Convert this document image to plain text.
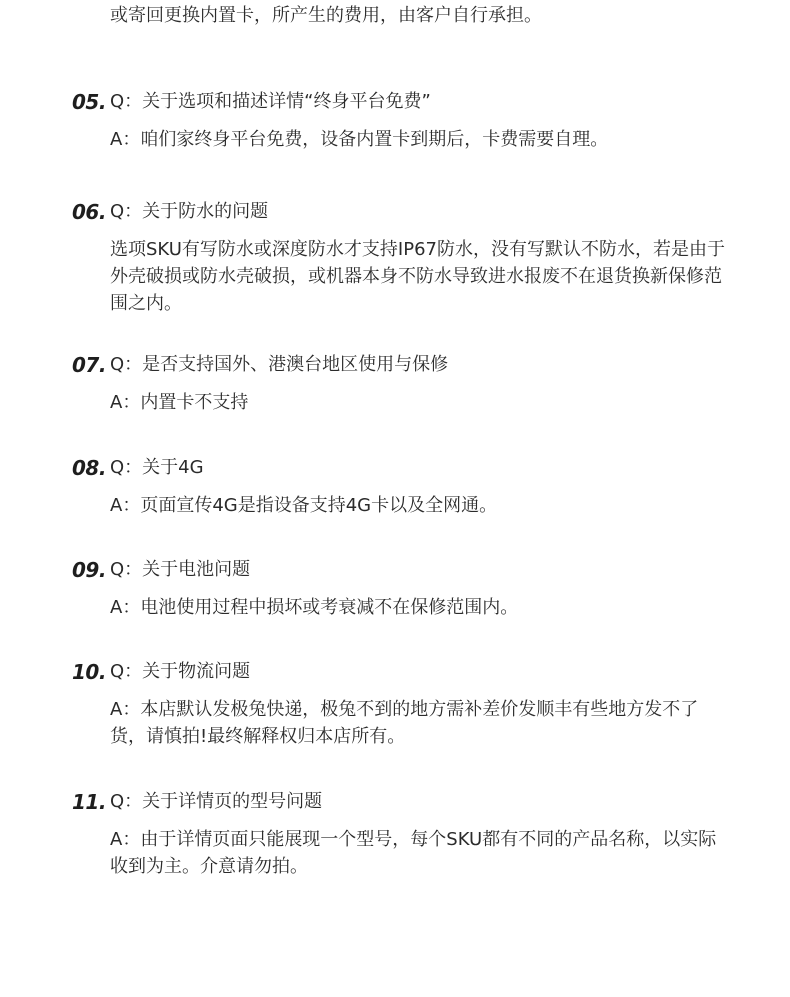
或寄回更换内置卡，所产生的费用，由客户自行承担。

05. Q：关于选项和描述详情“终身平台免费”

A：咱们家终身平台免费，设备内置卡到期后，卡费需要自理。

06. Q：关于防水的问题

选项SKU有写防水或深度防水才支持IP67防水，没有写默认不防水，若是由于外壳破损或防水壳破损，或机器本身不防水导致进水报废不在退货换新保修范围之内。

07. Q：是否支持国外、港澳台地区使用与保修

A：内置卡不支持

08. Q：关于4G

A：页面宣传4G是指设备支持4G卡以及全网通。

09. Q：关于电池问题

A：电池使用过程中损坏或考衰减不在保修范围内。

10. Q：关于物流问题

A：本店默认发极兔快递，极兔不到的地方需补差价发顺丰有些地方发不了货，请慎拍!最终解释权归本店所有。

11. Q：关于详情页的型号问题

A：由于详情页面只能展现一个型号，每个SKU都有不同的产品名称，以实际收到为主。介意请勿拍。
